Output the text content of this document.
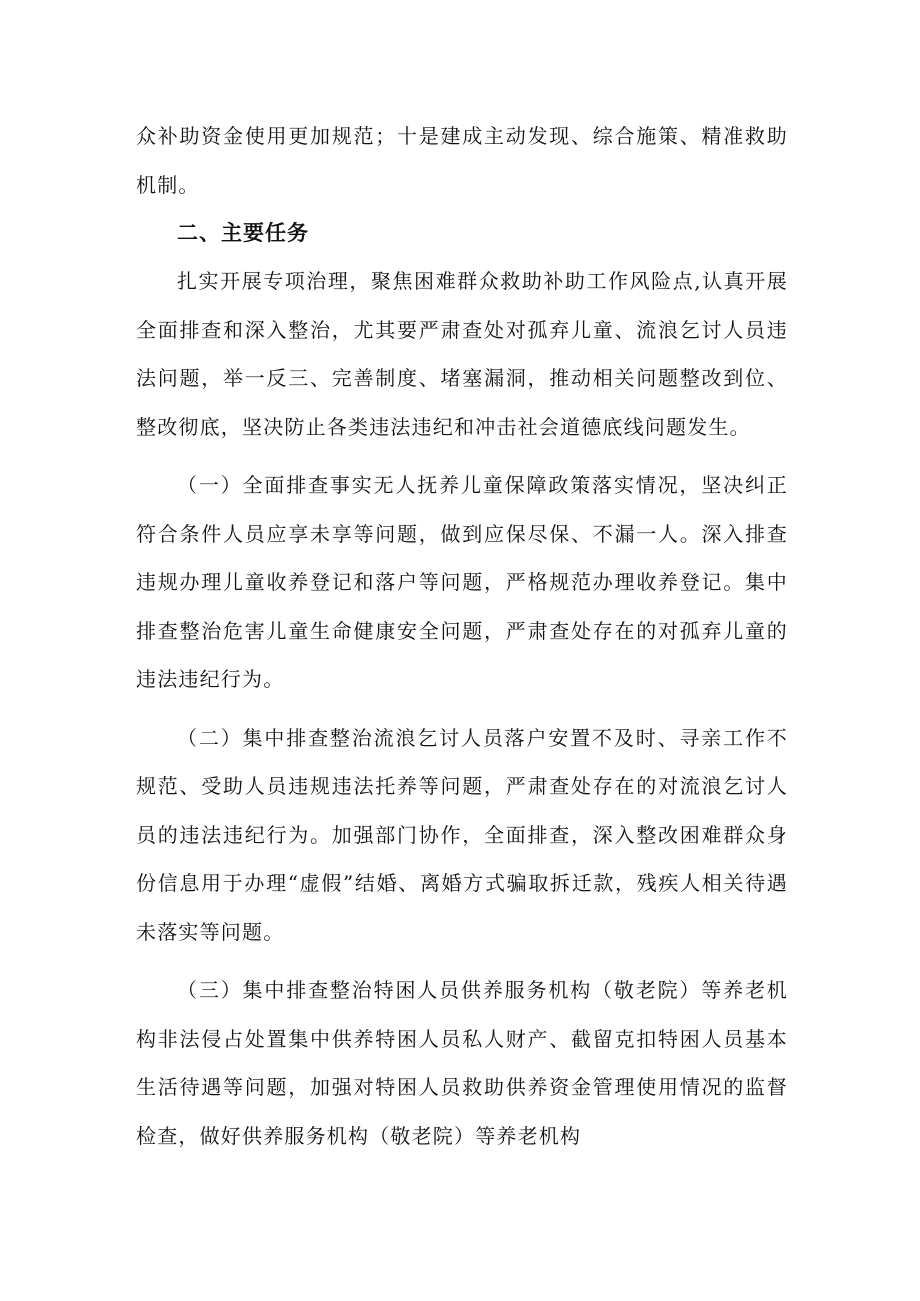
众补助资金使用更加规范；十是建成主动发现、综合施策、精准救助机制。

二、主要任务

扎实开展专项治理，聚焦困难群众救助补助工作风险点,认真开展全面排查和深入整治，尤其要严肃查处对孤弃儿童、流浪乞讨人员违法问题，举一反三、完善制度、堵塞漏洞，推动相关问题整改到位、整改彻底，坚决防止各类违法违纪和冲击社会道德底线问题发生。

（一）全面排查事实无人抚养儿童保障政策落实情况，坚决纠正符合条件人员应享未享等问题，做到应保尽保、不漏一人。深入排查违规办理儿童收养登记和落户等问题，严格规范办理收养登记。集中排查整治危害儿童生命健康安全问题，严肃查处存在的对孤弃儿童的违法违纪行为。

（二）集中排查整治流浪乞讨人员落户安置不及时、寻亲工作不规范、受助人员违规违法托养等问题，严肃查处存在的对流浪乞讨人员的违法违纪行为。加强部门协作，全面排查，深入整改困难群众身份信息用于办理“虚假”结婚、离婚方式骗取拆迁款，残疾人相关待遇未落实等问题。

（三）集中排查整治特困人员供养服务机构（敬老院）等养老机构非法侵占处置集中供养特困人员私人财产、截留克扣特困人员基本生活待遇等问题，加强对特困人员救助供养资金管理使用情况的监督检查，做好供养服务机构（敬老院）等养老机构
